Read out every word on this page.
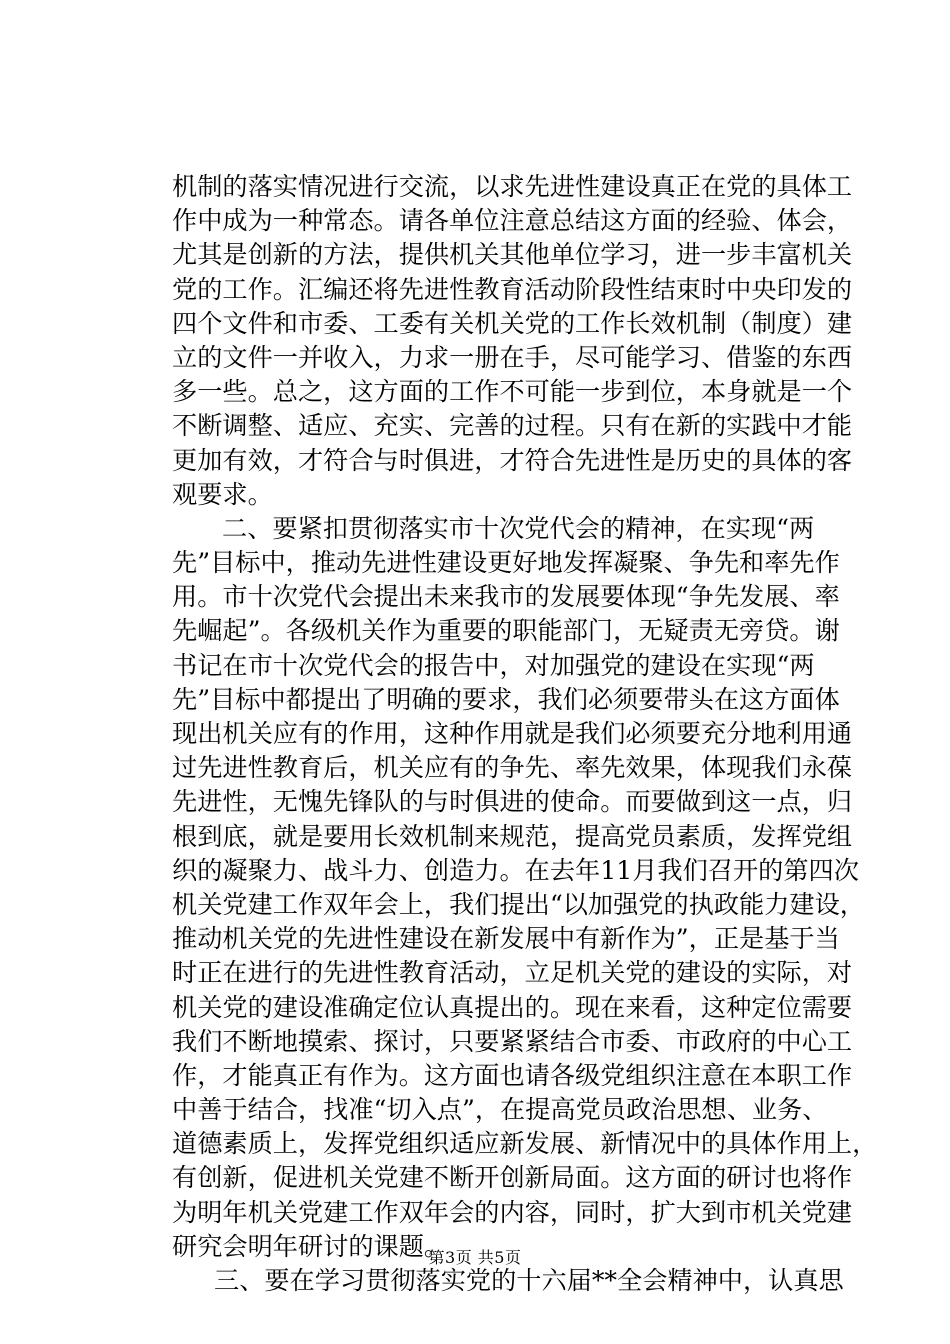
机制的落实情况进行交流，以求先进性建设真正在党的具体工
作中成为一种常态。请各单位注意总结这方面的经验、体会，
尤其是创新的方法，提供机关其他单位学习，进一步丰富机关
党的工作。汇编还将先进性教育活动阶段性结束时中央印发的
四个文件和市委、工委有关机关党的工作长效机制（制度）建
立的文件一并收入，力求一册在手，尽可能学习、借鉴的东西
多一些。总之，这方面的工作不可能一步到位，本身就是一个
不断调整、适应、充实、完善的过程。只有在新的实践中才能
更加有效，才符合与时俱进，才符合先进性是历史的具体的客
观要求。
二、要紧扣贯彻落实市十次党代会的精神，在实现“两
先”目标中，推动先进性建设更好地发挥凝聚、争先和率先作
用。市十次党代会提出未来我市的发展要体现“争先发展、率
先崛起”。各级机关作为重要的职能部门，无疑责无旁贷。谢
书记在市十次党代会的报告中，对加强党的建设在实现“两
先”目标中都提出了明确的要求，我们必须要带头在这方面体
现出机关应有的作用，这种作用就是我们必须要充分地利用通
过先进性教育后，机关应有的争先、率先效果，体现我们永葆
先进性，无愧先锋队的与时俱进的使命。而要做到这一点，归
根到底，就是要用长效机制来规范，提高党员素质，发挥党组
织的凝聚力、战斗力、创造力。在去年11月我们召开的第四次
机关党建工作双年会上，我们提出“以加强党的执政能力建设，
推动机关党的先进性建设在新发展中有新作为”，正是基于当
时正在进行的先进性教育活动，立足机关党的建设的实际，对
机关党的建设准确定位认真提出的。现在来看，这种定位需要
我们不断地摸索、探讨，只要紧紧结合市委、市政府的中心工
作，才能真正有作为。这方面也请各级党组织注意在本职工作
中善于结合，找准“切入点”，在提高党员政治思想、业务、
道德素质上，发挥党组织适应新发展、新情况中的具体作用上，
有创新，促进机关党建不断开创新局面。这方面的研讨也将作
为明年机关党建工作双年会的内容，同时，扩大到市机关党建
研究会明年研讨的课题。
三、要在学习贯彻落实党的十六届**全会精神中，认真思
第3页 共5页
